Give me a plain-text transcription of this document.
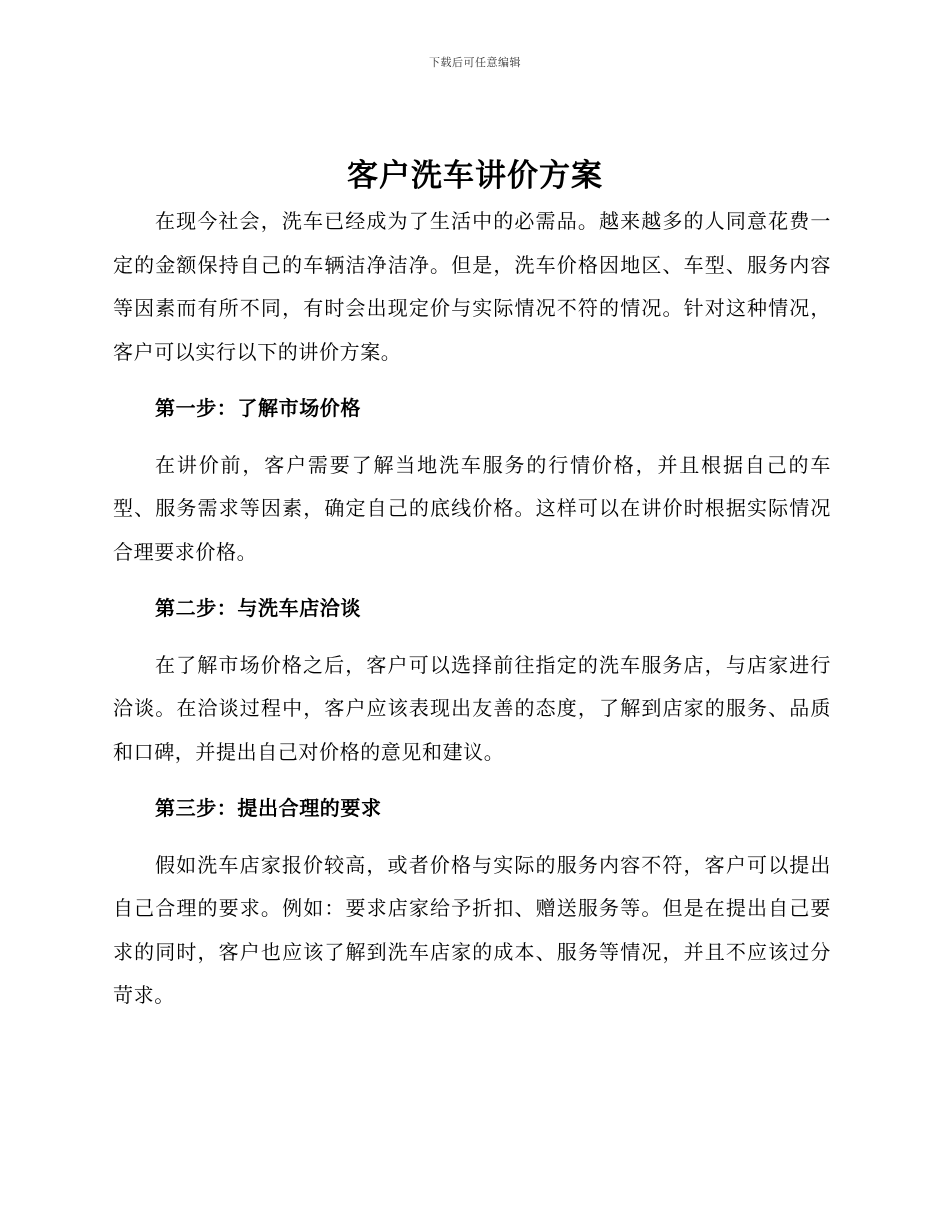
下载后可任意编辑
客户洗车讲价方案

在现今社会，洗车已经成为了生活中的必需品。越来越多的人同意花费一定的金额保持自己的车辆洁净洁净。但是，洗车价格因地区、车型、服务内容等因素而有所不同，有时会出现定价与实际情况不符的情况。针对这种情况，客户可以实行以下的讲价方案。

第一步：了解市场价格

在讲价前，客户需要了解当地洗车服务的行情价格，并且根据自己的车型、服务需求等因素，确定自己的底线价格。这样可以在讲价时根据实际情况合理要求价格。

第二步：与洗车店洽谈

在了解市场价格之后，客户可以选择前往指定的洗车服务店，与店家进行洽谈。在洽谈过程中，客户应该表现出友善的态度，了解到店家的服务、品质和口碑，并提出自己对价格的意见和建议。

第三步：提出合理的要求

假如洗车店家报价较高，或者价格与实际的服务内容不符，客户可以提出自己合理的要求。例如：要求店家给予折扣、赠送服务等。但是在提出自己要求的同时，客户也应该了解到洗车店家的成本、服务等情况，并且不应该过分苛求。
